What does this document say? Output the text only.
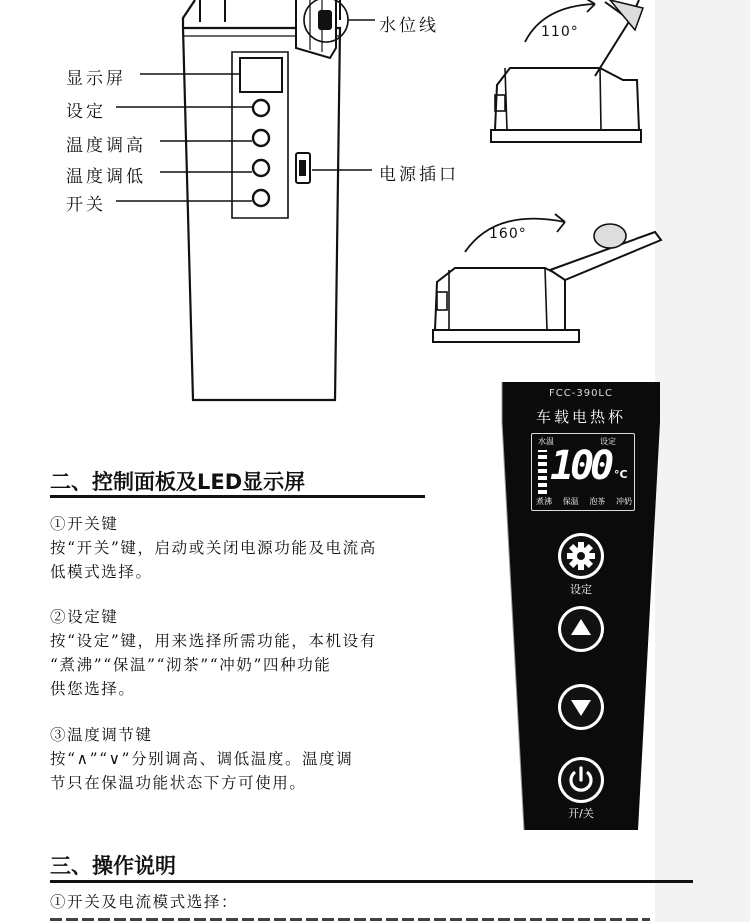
显示屏
设定
温度调高
温度调低
开关
水位线
电源插口
110°
160°
二、控制面板及LED显示屏
①开关键
按“开关”键，启动或关闭电源功能及电流高
低模式选择。
②设定键
按“设定”键，用来选择所需功能，本机设有
“煮沸”“保温”“沏茶”“冲奶”四种功能
供您选择。
③温度调节键
按“∧”“∨”分别调高、调低温度。温度调
节只在保温功能状态下方可使用。
三、操作说明
①开关及电流模式选择：
FCC-390LC
车载电热杯
水温	设定
100 °C
煮沸 保温 泡茶 冲奶
设定
开/关
